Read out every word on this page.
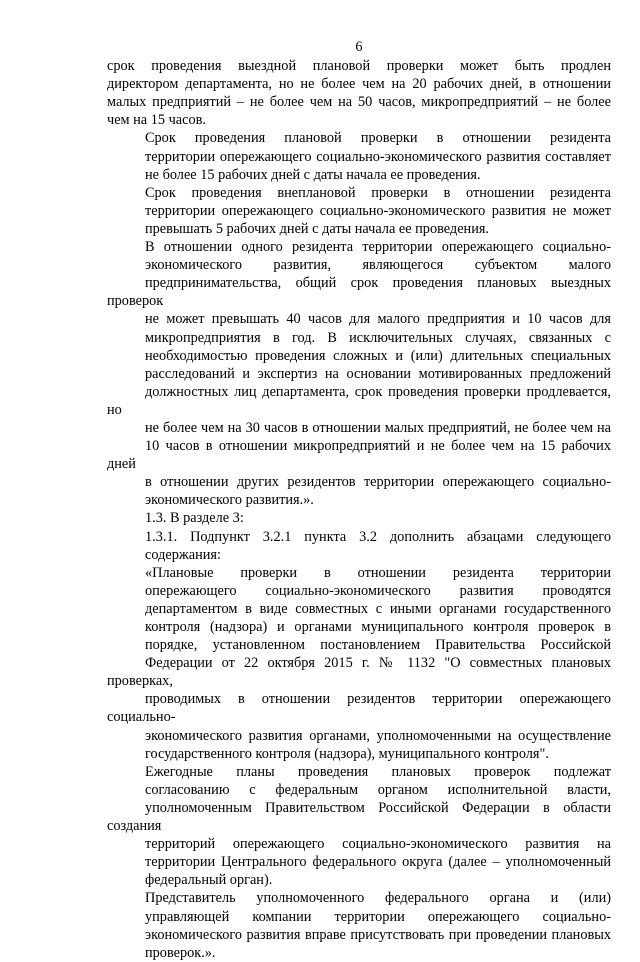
6
срок проведения выездной плановой проверки может быть продлен
директором департамента, но не более чем на 20 рабочих дней, в отношении
малых предприятий – не более чем на 50 часов, микропредприятий – не более
чем на 15 часов.
Срок проведения плановой проверки в отношении резидента
территории опережающего социально-экономического развития составляет
не более 15 рабочих дней с даты начала ее проведения.
Срок проведения внеплановой проверки в отношении резидента
территории опережающего социально-экономического развития не может
превышать 5 рабочих дней с даты начала ее проведения.
В отношении одного резидента территории опережающего социально-
экономического развития, являющегося субъектом малого
предпринимательства, общий срок проведения плановых выездных проверок
не может превышать 40 часов для малого предприятия и 10 часов для
микропредприятия в год. В исключительных случаях, связанных с
необходимостью проведения сложных и (или) длительных специальных
расследований и экспертиз на основании мотивированных предложений
должностных лиц департамента, срок проведения проверки продлевается, но
не более чем на 30 часов в отношении малых предприятий, не более чем на
10 часов в отношении микропредприятий и не более чем на 15 рабочих дней
в отношении других резидентов территории опережающего социально-
экономического развития.».
1.3. В разделе 3:
1.3.1. Подпункт 3.2.1 пункта 3.2 дополнить абзацами следующего
содержания:
«Плановые проверки в отношении резидента территории
опережающего социально-экономического развития проводятся
департаментом в виде совместных с иными органами государственного
контроля (надзора) и органами муниципального контроля проверок в
порядке, установленном постановлением Правительства Российской
Федерации от 22 октября 2015 г. № 1132 "О совместных плановых проверках,
проводимых в отношении резидентов территории опережающего социально-
экономического развития органами, уполномоченными на осуществление
государственного контроля (надзора), муниципального контроля".
Ежегодные планы проведения плановых проверок подлежат
согласованию с федеральным органом исполнительной власти,
уполномоченным Правительством Российской Федерации в области создания
территорий опережающего социально-экономического развития на
территории Центрального федерального округа (далее – уполномоченный
федеральный орган).
Представитель уполномоченного федерального органа и (или)
управляющей компании территории опережающего социально-
экономического развития вправе присутствовать при проведении плановых
проверок.».
